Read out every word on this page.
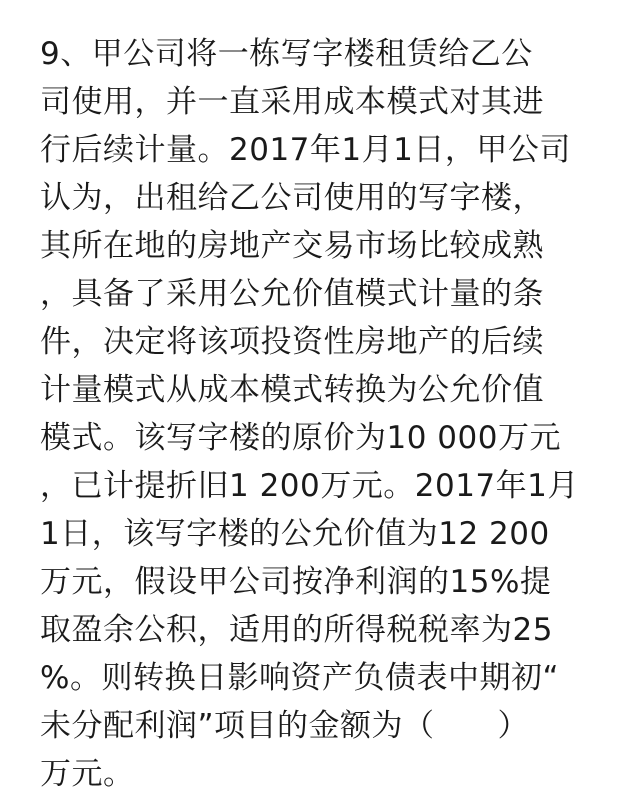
9、甲公司将一栋写字楼租赁给乙公
司使用，并一直采用成本模式对其进
行后续计量。2017年1月1日，甲公司
认为，出租给乙公司使用的写字楼，
其所在地的房地产交易市场比较成熟
，具备了采用公允价值模式计量的条
件，决定将该项投资性房地产的后续
计量模式从成本模式转换为公允价值
模式。该写字楼的原价为10 000万元
，已计提折旧1 200万元。2017年1月
1日，该写字楼的公允价值为12 200
万元，假设甲公司按净利润的15%提
取盈余公积，适用的所得税税率为25
%。则转换日影响资产负债表中期初“
未分配利润”项目的金额为（　　）
万元。
